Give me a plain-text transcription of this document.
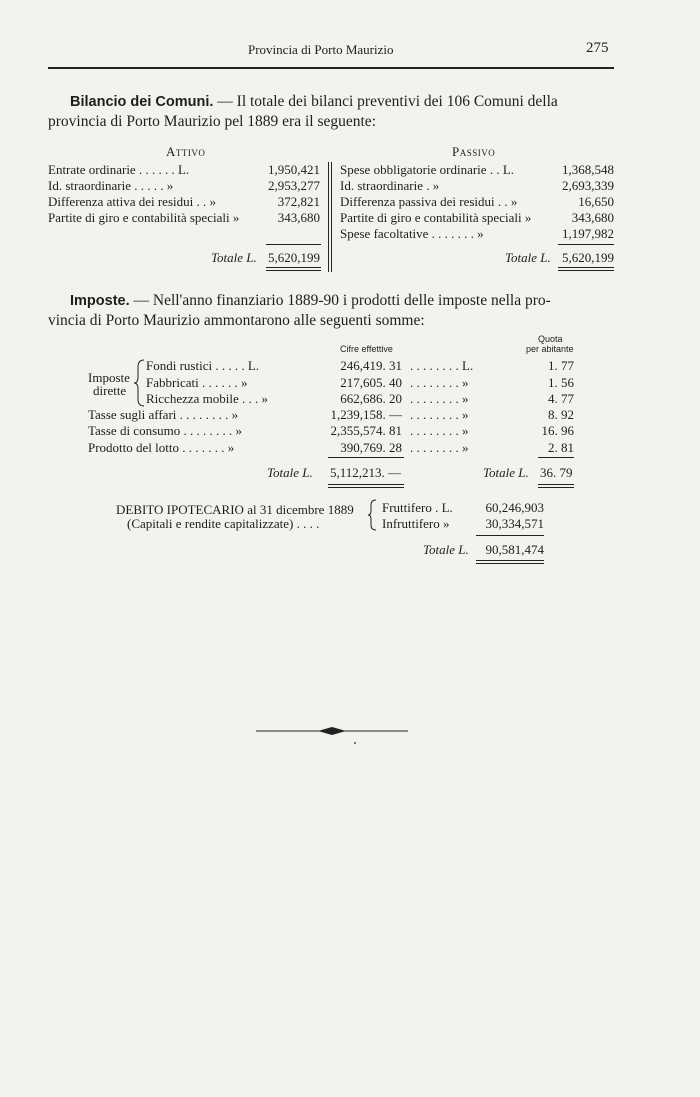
Provincia di Porto Maurizio	275
Bilancio dei Comuni. — Il totale dei bilanci preventivi dei 106 Comuni della
provincia di Porto Maurizio pel 1889 era il seguente:
Attivo	Passivo
Totale L. 5,620,199	Totale L. 5,620,199
Imposte. — Nell'anno finanziario 1889-90 i prodotti delle imposte nella pro-
vincia di Porto Maurizio ammontarono alle seguenti somme:
Cifre effettive
Quota
per abitante
Imposte
dirette
Totale L. 5,112,213. —	Totale L. 36. 79
DEBITO IPOTECARIO al 31 dicembre 1889
(Capitali e rendite capitalizzate) . . . .
Fruttifero . L.	60,246,903
Infruttifero »	30,334,571
Totale L.	90,581,474
Entrate ordinarie . . . . . . L.	1,950,421
Id. straordinarie . . . . . »	2,953,277
Differenza attiva dei residui . . »	372,821
Partite di giro e contabilità speciali »	343,680
Spese obbligatorie ordinarie . . L.	1,368,548
Id. straordinarie . »	2,693,339
Differenza passiva dei residui . . »	16,650
Partite di giro e contabilità speciali »	343,680
Spese facoltative . . . . . . . »	1,197,982
Fondi rustici . . . . . L.	246,419. 31 . . . . . . . . L.	1. 77
Fabbricati . . . . . . »	217,605. 40 . . . . . . . . »	1. 56
Ricchezza mobile . . . »	662,686. 20 . . . . . . . . »	4. 77
Tasse sugli affari . . . . . . . . »	1,239,158. — . . . . . . . . »	8. 92
Tasse di consumo . . . . . . . . »	2,355,574. 81 . . . . . . . . »	16. 96
Prodotto del lotto . . . . . . . »	390,769. 28 . . . . . . . . »	2. 81
